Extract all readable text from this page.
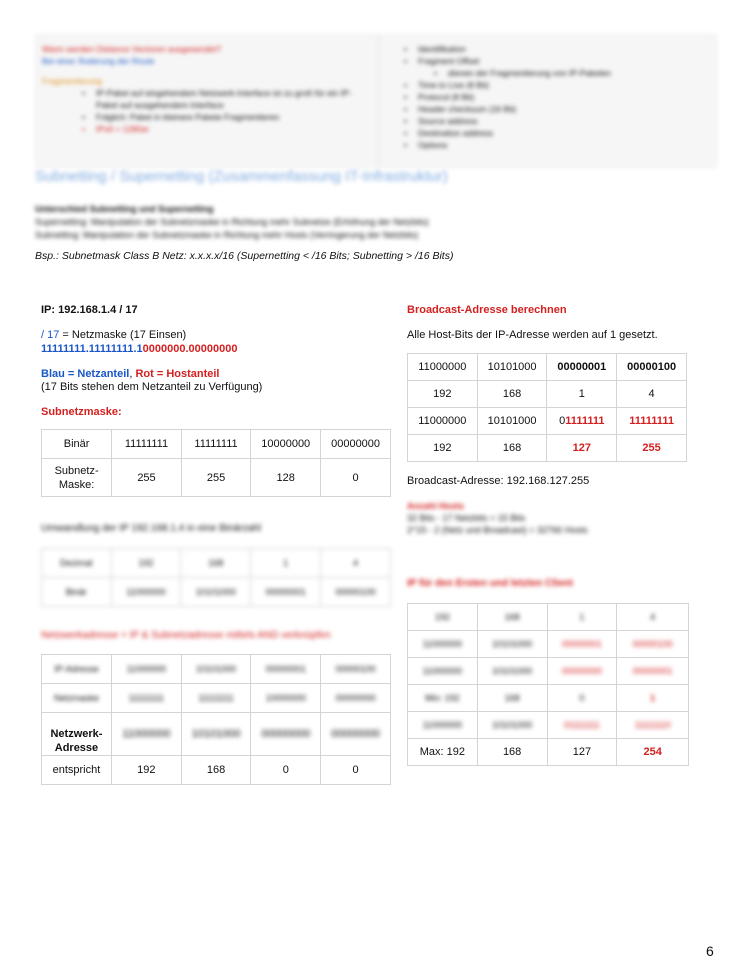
Wann werden Distance Vectoren ausgesendet?
Bei einer Änderung der Route
Fragmentierung
• IP-Paket auf eingehendem Netzwerk-Interface ist zu groß für ein IP-Paket auf ausgehendem Interface
• Folglich: Paket in kleinere Pakete Fragmentieren
• IPv6 = 1280er
• Identifikation
• Fragment Offset
• dienen der Fragmentierung von IP-Paketen
• Time to Live (8 Bit)
• Protocol (8 Bit)
• Header checksum (16 Bit)
• Source address
• Destination address
• Options
Subnetting / Supernetting (Zusammenfassung IT-Infrastruktur)
Unterschied Subnetting und Supernetting
Supernetting: Manipulation der Subnetzmaske in Richtung mehr Subnetze (Erhöhung der Netzbits)
Subnetting: Manipulation der Subnetzmaske in Richtung mehr Hosts (Verringerung der Netzbits)
Bsp.: Subnetmask Class B Netz: x.x.x.x/16 (Supernetting < /16 Bits; Subnetting > /16 Bits)
IP: 192.168.1.4 / 17
/ 17 = Netzmaske (17 Einsen)
11111111.11111111.10000000.00000000
Blau = Netzanteil, Rot = Hostanteil
(17 Bits stehen dem Netzanteil zu Verfügung)
Subnetzmaske:
Binär	11111111	11111111	10000000	00000000
Subnetz-Maske:	255	255	128	0
Umwandlung der IP 192.168.1.4 in eine Binärzahl
Dezimal	192	168	1	4
Binär	11000000	10101000	00000001	00000100
Netzwerkadresse = IP & Subnetzadresse mittels AND verknüpfen
IP-Adresse	11000000	10101000	00000001	00000100
Netzmaske	11111111	11111111	10000000	00000000
Netzwerk-Adresse	11000000	10101000	00000000	00000000
entspricht	192	168	0	0
Broadcast-Adresse berechnen
Alle Host-Bits der IP-Adresse werden auf 1 gesetzt.
11000000	10101000	00000001	00000100
192	168	1	4
11000000	10101000	01111111	11111111
192	168	127	255
Broadcast-Adresse: 192.168.127.255
Anzahl Hosts
32 Bits - 17 Netzbits = 15 Bits
2^15 - 2 (Netz und Broadcast) = 32766 Hosts
IP für den Ersten und letzten Client
192	168	1	4
11000000	10101000	00000001	00000100
11000000	10101000	00000000	00000001
Min: 192	168	0	1
11000000	10101000	01111111	11111110
Max: 192	168	127	254
6
